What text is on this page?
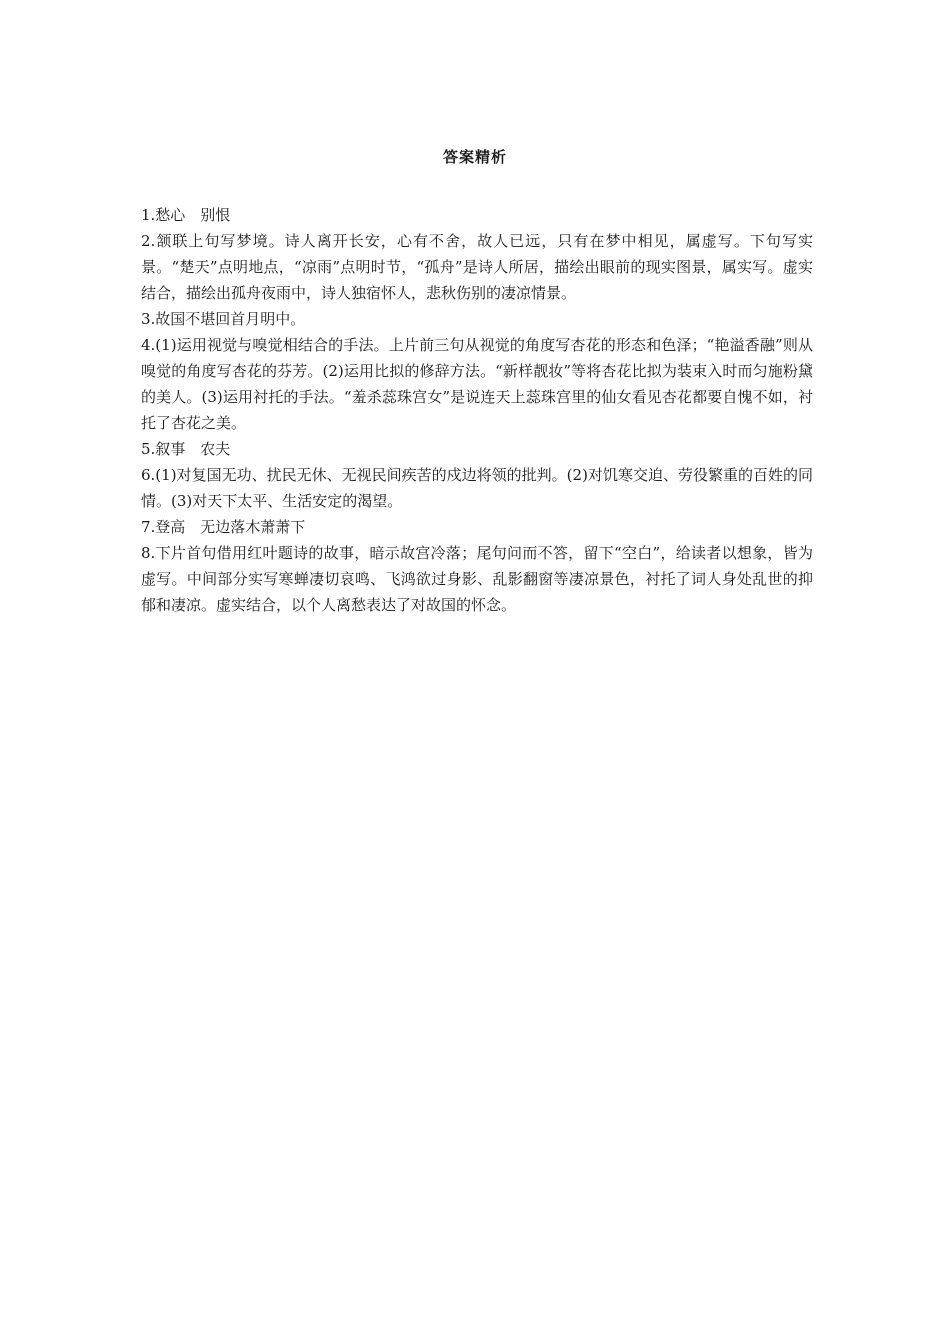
答案精析

1.愁心　别恨

2.颔联上句写梦境。诗人离开长安，心有不舍，故人已远，只有在梦中相见，属虚写。下句写实景。“楚天”点明地点，“凉雨”点明时节，“孤舟”是诗人所居，描绘出眼前的现实图景，属实写。虚实结合，描绘出孤舟夜雨中，诗人独宿怀人，悲秋伤别的凄凉情景。

3.故国不堪回首月明中。

4.(1)运用视觉与嗅觉相结合的手法。上片前三句从视觉的角度写杏花的形态和色泽；“艳溢香融”则从嗅觉的角度写杏花的芬芳。(2)运用比拟的修辞方法。“新样靓妆”等将杏花比拟为装束入时而匀施粉黛的美人。(3)运用衬托的手法。“羞杀蕊珠宫女”是说连天上蕊珠宫里的仙女看见杏花都要自愧不如，衬托了杏花之美。

5.叙事　农夫

6.(1)对复国无功、扰民无休、无视民间疾苦的戍边将领的批判。(2)对饥寒交迫、劳役繁重的百姓的同情。(3)对天下太平、生活安定的渴望。

7.登高　无边落木萧萧下

8.下片首句借用红叶题诗的故事，暗示故宫冷落；尾句问而不答，留下“空白”，给读者以想象，皆为虚写。中间部分实写寒蝉凄切哀鸣、飞鸿欲过身影、乱影翻窗等凄凉景色，衬托了词人身处乱世的抑郁和凄凉。虚实结合，以个人离愁表达了对故国的怀念。
